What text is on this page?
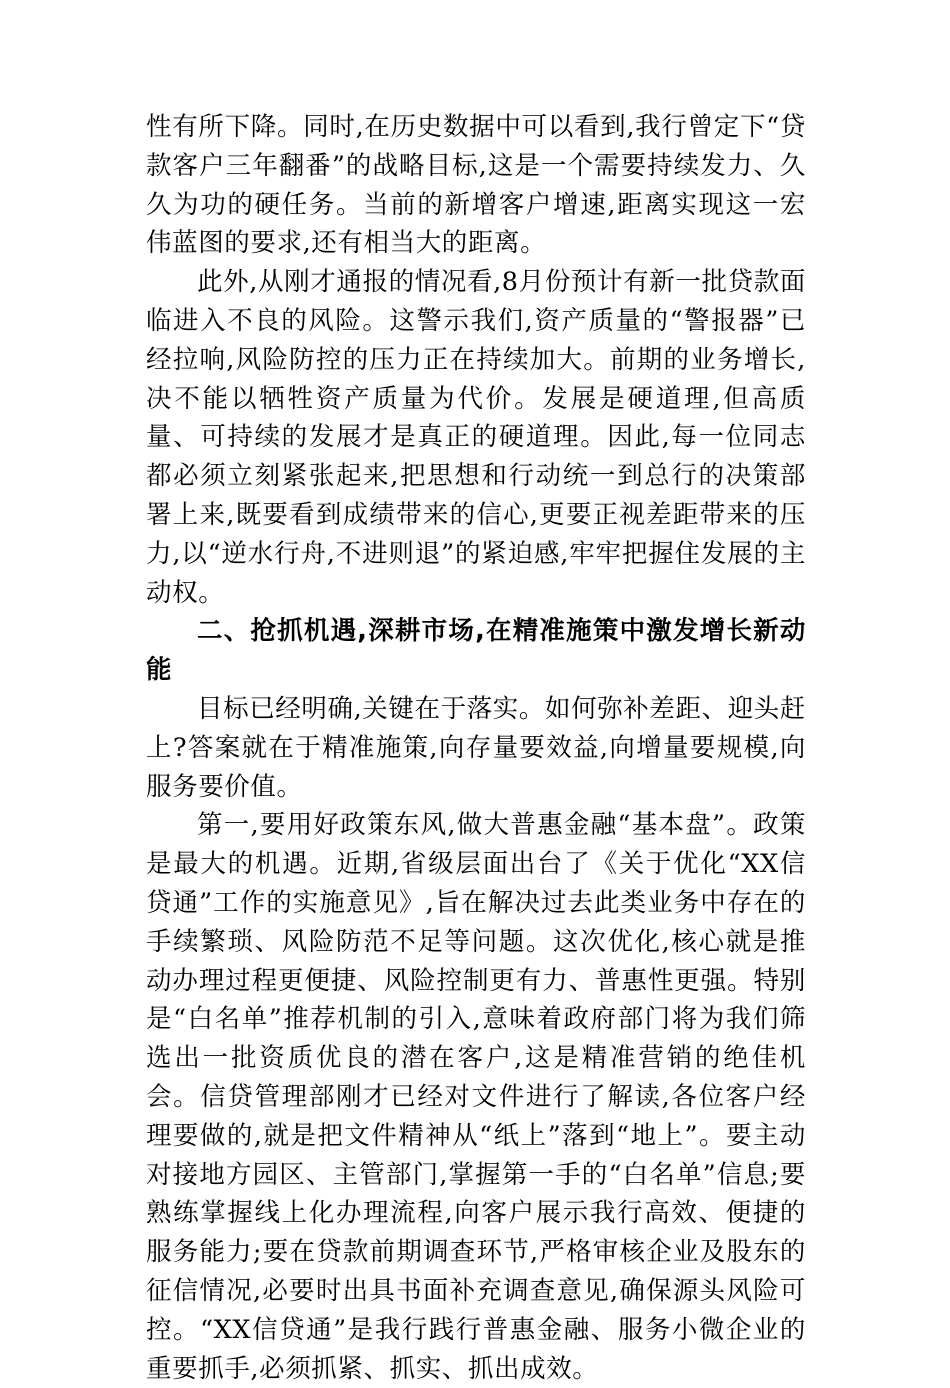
性有所下降。同时,在历史数据中可以看到,我行曾定下“贷款客户三年翻番”的战略目标,这是一个需要持续发力、久久为功的硬任务。当前的新增客户增速,距离实现这一宏伟蓝图的要求,还有相当大的距离。

此外,从刚才通报的情况看,8月份预计有新一批贷款面临进入不良的风险。这警示我们,资产质量的“警报器”已经拉响,风险防控的压力正在持续加大。前期的业务增长,决不能以牺牲资产质量为代价。发展是硬道理,但高质量、可持续的发展才是真正的硬道理。因此,每一位同志都必须立刻紧张起来,把思想和行动统一到总行的决策部署上来,既要看到成绩带来的信心,更要正视差距带来的压力,以“逆水行舟,不进则退”的紧迫感,牢牢把握住发展的主动权。

二、抢抓机遇,深耕市场,在精准施策中激发增长新动能

目标已经明确,关键在于落实。如何弥补差距、迎头赶上?答案就在于精准施策,向存量要效益,向增量要规模,向服务要价值。

第一,要用好政策东风,做大普惠金融“基本盘”。政策是最大的机遇。近期,省级层面出台了《关于优化“XX信贷通”工作的实施意见》,旨在解决过去此类业务中存在的手续繁琐、风险防范不足等问题。这次优化,核心就是推动办理过程更便捷、风险控制更有力、普惠性更强。特别是“白名单”推荐机制的引入,意味着政府部门将为我们筛选出一批资质优良的潜在客户,这是精准营销的绝佳机会。信贷管理部刚才已经对文件进行了解读,各位客户经理要做的,就是把文件精神从“纸上”落到“地上”。要主动对接地方园区、主管部门,掌握第一手的“白名单”信息;要熟练掌握线上化办理流程,向客户展示我行高效、便捷的服务能力;要在贷款前期调查环节,严格审核企业及股东的征信情况,必要时出具书面补充调查意见,确保源头风险可控。“XX信贷通”是我行践行普惠金融、服务小微企业的重要抓手,必须抓紧、抓实、抓出成效。
